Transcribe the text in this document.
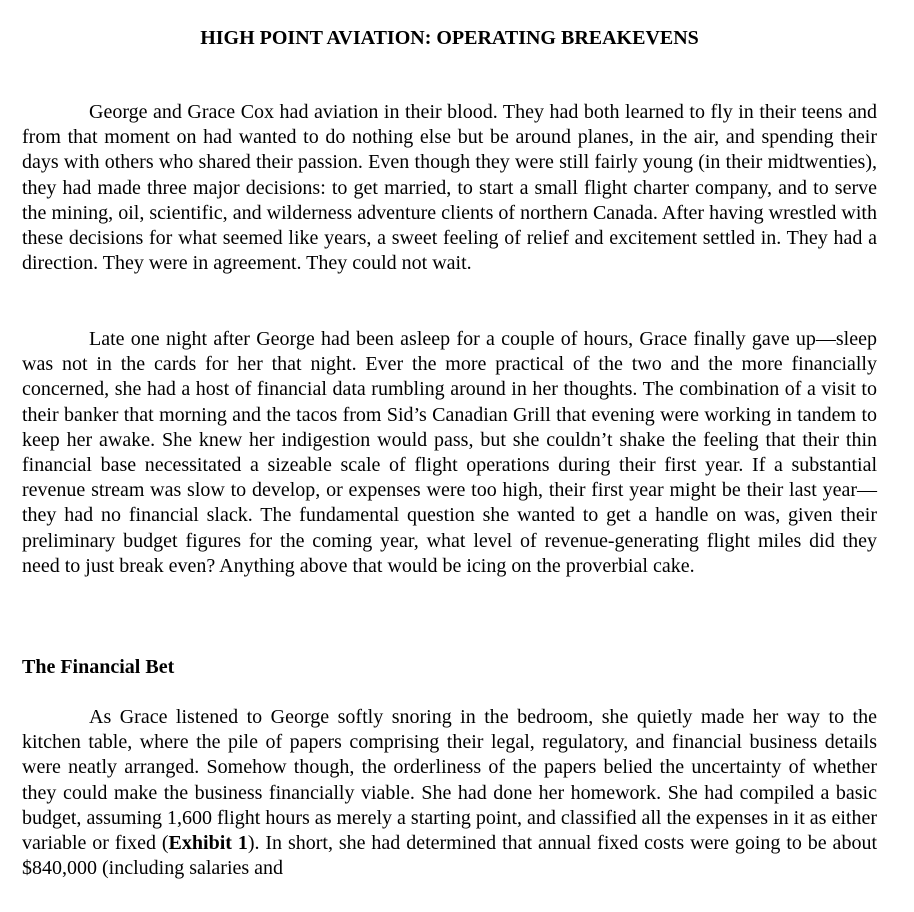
HIGH POINT AVIATION: OPERATING BREAKEVENS

George and Grace Cox had aviation in their blood. They had both learned to fly in their teens and from that moment on had wanted to do nothing else but be around planes, in the air, and spending their days with others who shared their passion. Even though they were still fairly young (in their midtwenties), they had made three major decisions: to get married, to start a small flight charter company, and to serve the mining, oil, scientific, and wilderness adventure clients of northern Canada. After having wrestled with these decisions for what seemed like years, a sweet feeling of relief and excitement settled in. They had a direction. They were in agreement. They could not wait.

Late one night after George had been asleep for a couple of hours, Grace finally gave up—sleep was not in the cards for her that night. Ever the more practical of the two and the more financially concerned, she had a host of financial data rumbling around in her thoughts. The combination of a visit to their banker that morning and the tacos from Sid’s Canadian Grill that evening were working in tandem to keep her awake. She knew her indigestion would pass, but she couldn’t shake the feeling that their thin financial base necessitated a sizeable scale of flight operations during their first year. If a substantial revenue stream was slow to develop, or expenses were too high, their first year might be their last year—they had no financial slack. The fundamental question she wanted to get a handle on was, given their preliminary budget figures for the coming year, what level of revenue-generating flight miles did they need to just break even? Anything above that would be icing on the proverbial cake.

The Financial Bet

As Grace listened to George softly snoring in the bedroom, she quietly made her way to the kitchen table, where the pile of papers comprising their legal, regulatory, and financial business details were neatly arranged. Somehow though, the orderliness of the papers belied the uncertainty of whether they could make the business financially viable. She had done her homework. She had compiled a basic budget, assuming 1,600 flight hours as merely a starting point, and classified all the expenses in it as either variable or fixed (Exhibit 1). In short, she had determined that annual fixed costs were going to be about $840,000 (including salaries and
